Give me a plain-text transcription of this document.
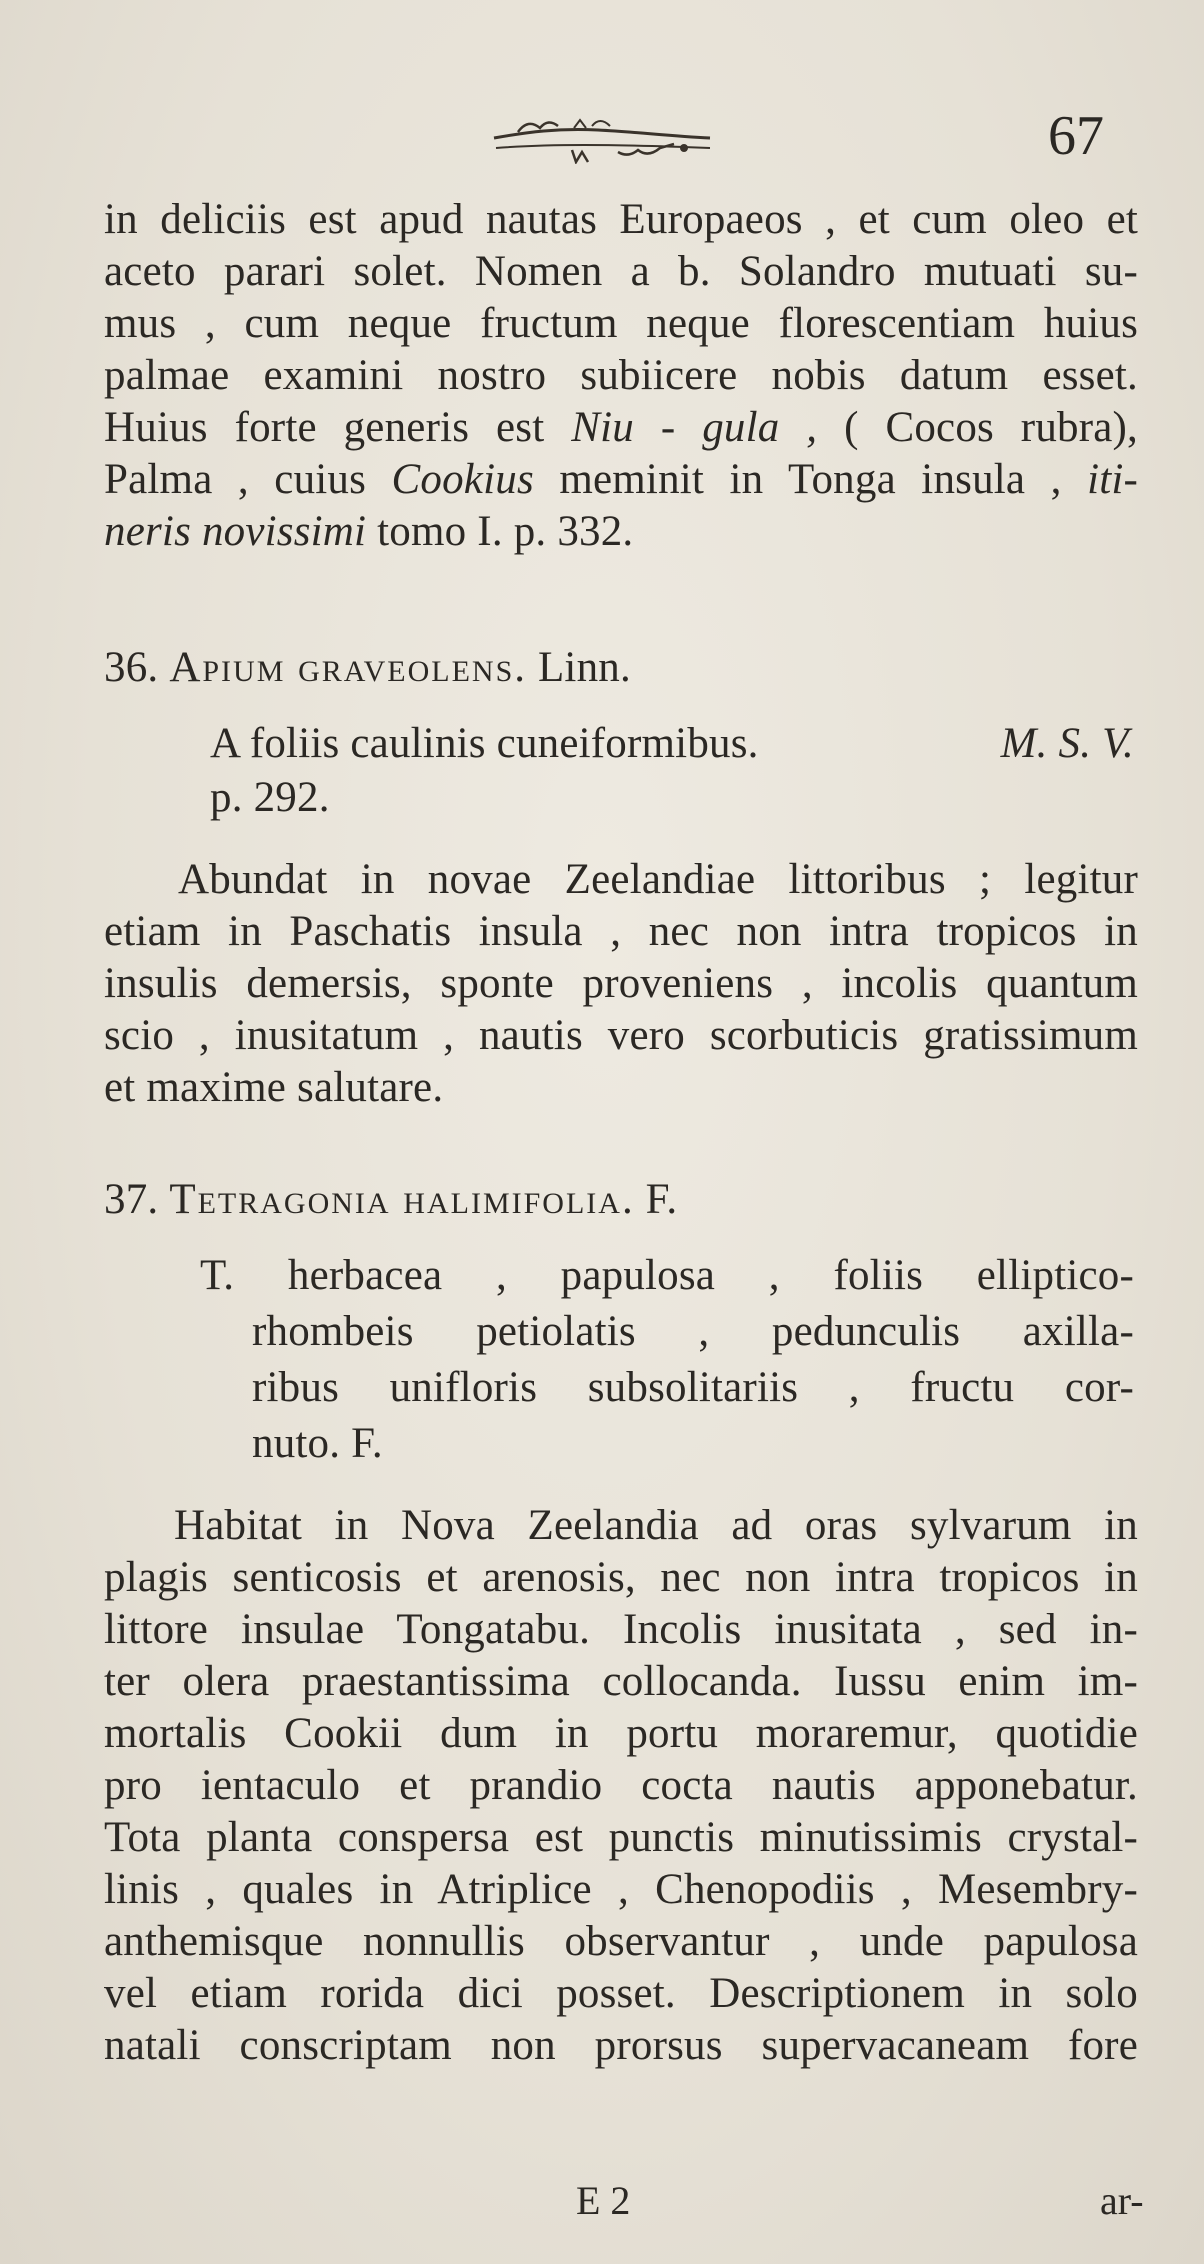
67
in deliciis est apud nautas Europaeos , et cum oleo et
aceto parari solet. Nomen a b. Solandro mutuati su-
mus , cum neque fructum neque florescentiam huius
palmae examini nostro subiicere nobis datum esset.
Huius forte generis est Niu - gula , ( Cocos rubra),
Palma , cuius Cookius meminit in Tonga insula , iti-
neris novissimi tomo I. p. 332.
36. Apium graveolens. Linn.
A foliis caulinis cuneiformibus.	M. S. V.
p. 292.
Abundat in novae Zeelandiae littoribus ; legitur
etiam in Paschatis insula , nec non intra tropicos in
insulis demersis, sponte proveniens , incolis quantum
scio , inusitatum , nautis vero scorbuticis gratissimum
et maxime salutare.
37. Tetragonia halimifolia. F.
T. herbacea , papulosa , foliis elliptico-
rhombeis petiolatis , pedunculis axilla-
ribus unifloris subsolitariis , fructu cor-
nuto. F.
Habitat in Nova Zeelandia ad oras sylvarum in
plagis senticosis et arenosis, nec non intra tropicos in
littore insulae Tongatabu. Incolis inusitata , sed in-
ter olera praestantissima collocanda. Iussu enim im-
mortalis Cookii dum in portu moraremur, quotidie
pro ientaculo et prandio cocta nautis apponebatur.
Tota planta conspersa est punctis minutissimis crystal-
linis , quales in Atriplice , Chenopodiis , Mesembry-
anthemisque nonnullis observantur , unde papulosa
vel etiam rorida dici posset. Descriptionem in solo
natali conscriptam non prorsus supervacaneam fore
E 2	ar-
